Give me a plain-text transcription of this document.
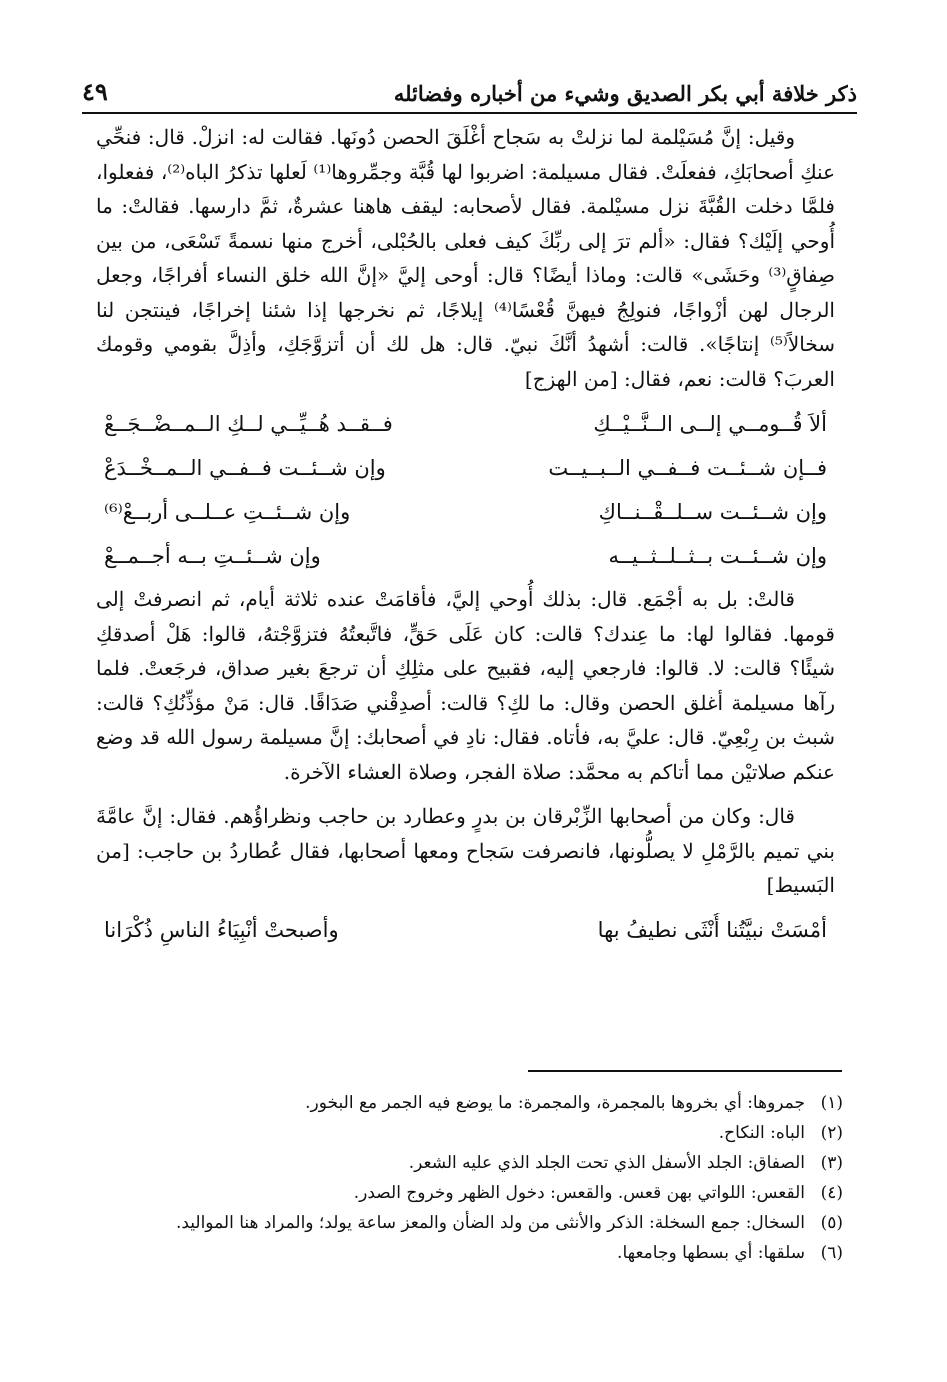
ذكر خلافة أبي بكر الصديق وشيء من أخباره وفضائله
٤٩

وقيل: إنَّ مُسَيْلمة لما نزلتْ به سَجاح أغْلَقَ الحصن دُونَها. فقالت له: انزلْ. قال: فنحِّي عنكِ أصحابَكِ، ففعلَتْ. فقال مسيلمة: اضربوا لها قُبَّة وجمِّروها⁽¹⁾ لَعلها تذكرُ الباه⁽²⁾، ففعلوا، فلمَّا دخلت القُبَّةَ نزل مسيْلمة. فقال لأصحابه: ليقف هاهنا عشرةٌ، ثمَّ دارسها. فقالتْ: ما أُوحي إلَيْك؟ فقال: «ألم ترَ إلى ربِّكَ كيف فعلى بالحُبْلى، أخرج منها نسمةً تَسْعَى، من بين صِفاقٍ⁽³⁾ وحَشَى» قالت: وماذا أيضًا؟ قال: أوحى إليَّ «إنَّ الله خلق النساء أفراجًا، وجعل الرجال لهن أزْواجًا، فنولِجُ فيهنَّ قُعْسًا⁽⁴⁾ إيلاجًا، ثم نخرجها إذا شئنا إخراجًا، فينتجن لنا سخالاً⁽⁵⁾ إنتاجًا». قالت: أشهدُ أنَّكَ نبيّ. قال: هل لك أن أتزوَّجَكِ، وأذِلَّ بقومي وقومك العربَ؟ قالت: نعم، فقال: [من الهزج]

ألاَ قُــومــي إلــى الــنَّــيْــكِ
فــقــد هُــيِّــي لــكِ الــمــضْــجَــعْ
فــإن شــئــت فــفــي الــبــيــت
وإن شــئــت فــفــي الــمــخْــدَعْ
وإن شــئــت ســلــقْــنــاكِ
وإن شــئــتِ عــلــى أربــعْ⁽⁶⁾
وإن شــئــت بــثــلــثــيــه
وإن شــئــتِ بــه أجــمــعْ

قالتْ: بل به أجْمَع. قال: بذلك أُوحي إليَّ، فأقامَتْ عنده ثلاثة أيام، ثم انصرفتْ إلى قومها. فقالوا لها: ما عِندك؟ قالت: كان عَلَى حَقٍّ، فاتَّبعتُهُ فتزوَّجْتهُ، قالوا: هَلْ أصدقكِ شيئًا؟ قالت: لا. قالوا: فارجعي إليه، فقبيح على مثلِكِ أن ترجعَ بغير صداق، فرجَعتْ. فلما رآها مسيلمة أغلق الحصن وقال: ما لكِ؟ قالت: أصدِقْني صَدَاقًا. قال: مَنْ مؤذِّنُكِ؟ قالت: شبث بن رِبْعِيّ. قال: عليَّ به، فأتاه. فقال: نادِ في أصحابك: إنَّ مسيلمة رسول الله قد وضع عنكم صلاتيْن مما أتاكم به محمَّد: صلاة الفجر، وصلاة العشاء الآخرة.

قال: وكان من أصحابها الزِّبْرقان بن بدرٍ وعطارد بن حاجب ونظراؤُهم. فقال: إنَّ عامَّةَ بني تميم بالرَّمْلِ لا يصلُّونها، فانصرفت سَجاح ومعها أصحابها، فقال عُطاردُ بن حاجب: [من البَسيط]

أمْسَتْ نبيَّتُنا أُنْثَى نطيفُ بها
وأصبحتْ أنْبِيَاءُ الناسِ ذُكْرَانا
(١)
جمروها: أي بخروها بالمجمرة، والمجمرة: ما يوضع فيه الجمر مع البخور.
(٢)
الباه: النكاح.
(٣)
الصفاق: الجلد الأسفل الذي تحت الجلد الذي عليه الشعر.
(٤)
القعس: اللواتي بهن قعس. والقعس: دخول الظهر وخروج الصدر.
(٥)
السخال: جمع السخلة: الذكر والأنثى من ولد الضأن والمعز ساعة يولد؛ والمراد هنا المواليد.
(٦)
سلقها: أي بسطها وجامعها.
